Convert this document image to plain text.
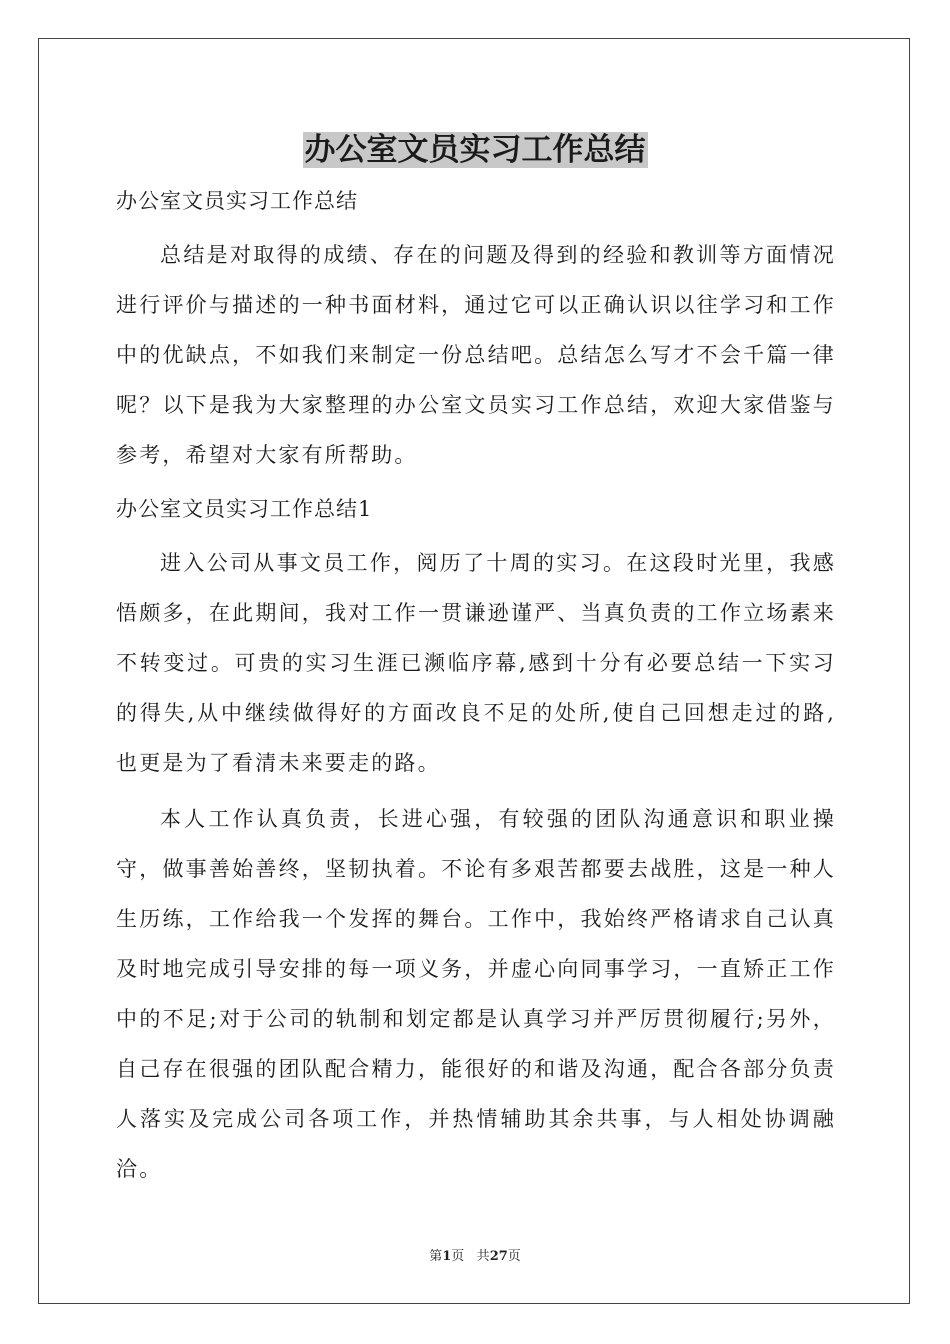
办公室文员实习工作总结

办公室文员实习工作总结

总结是对取得的成绩、存在的问题及得到的经验和教训等方面情况进行评价与描述的一种书面材料，通过它可以正确认识以往学习和工作中的优缺点，不如我们来制定一份总结吧。总结怎么写才不会千篇一律呢？以下是我为大家整理的办公室文员实习工作总结，欢迎大家借鉴与参考，希望对大家有所帮助。

办公室文员实习工作总结1

进入公司从事文员工作，阅历了十周的实习。在这段时光里，我感悟颇多，在此期间，我对工作一贯谦逊谨严、当真负责的工作立场素来不转变过。可贵的实习生涯已濒临序幕,感到十分有必要总结一下实习的得失,从中继续做得好的方面改良不足的处所,使自己回想走过的路,也更是为了看清未来要走的路。

本人工作认真负责，长进心强，有较强的团队沟通意识和职业操守，做事善始善终，坚韧执着。不论有多艰苦都要去战胜，这是一种人生历练，工作给我一个发挥的舞台。工作中，我始终严格请求自己认真及时地完成引导安排的每一项义务，并虚心向同事学习，一直矫正工作中的不足;对于公司的轨制和划定都是认真学习并严厉贯彻履行;另外，自己存在很强的团队配合精力，能很好的和谐及沟通，配合各部分负责人落实及完成公司各项工作，并热情辅助其余共事，与人相处协调融洽。

第1页 共27页
